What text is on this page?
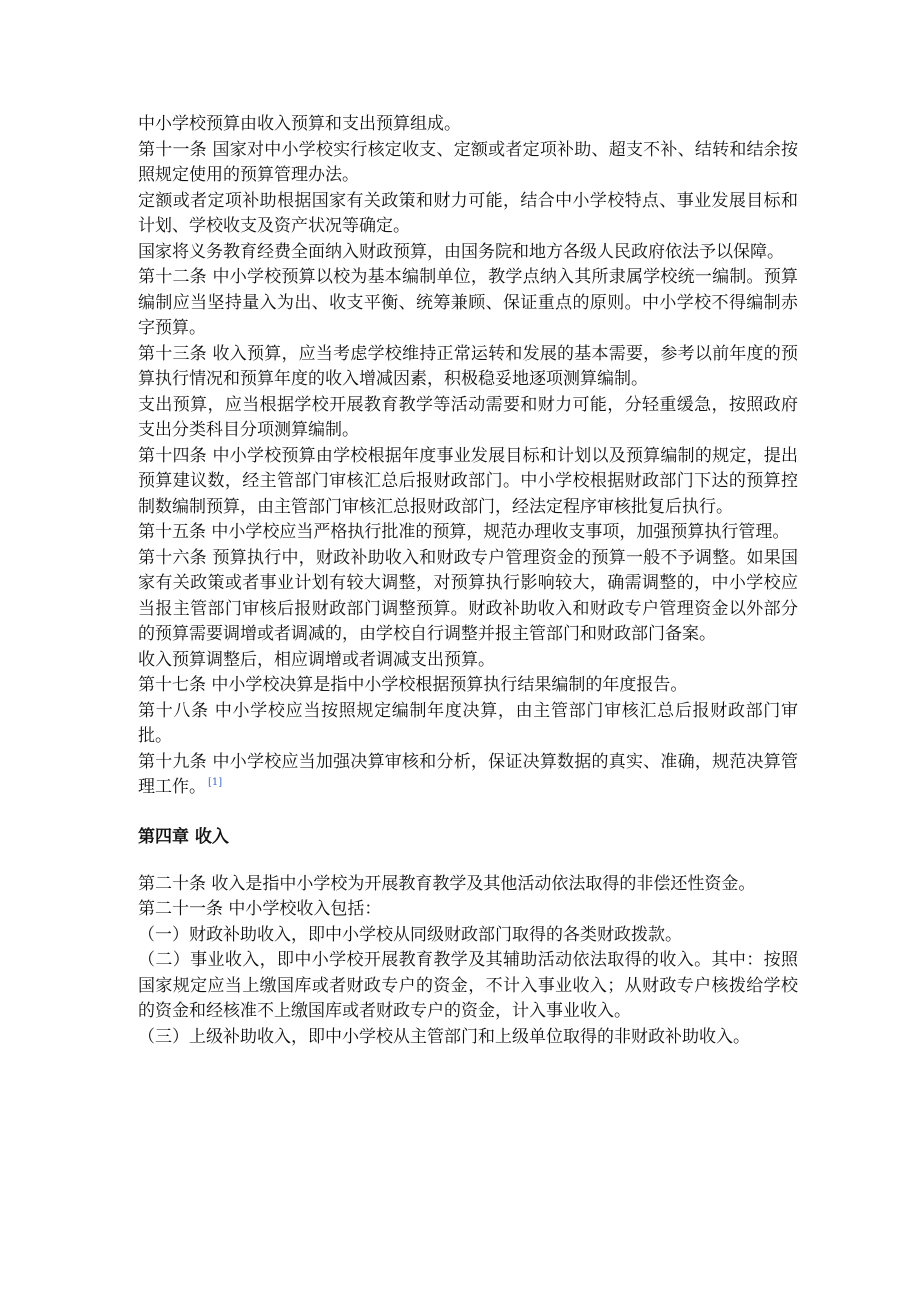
中小学校预算由收入预算和支出预算组成。

第十一条 国家对中小学校实行核定收支、定额或者定项补助、超支不补、结转和结余按照规定使用的预算管理办法。

定额或者定项补助根据国家有关政策和财力可能，结合中小学校特点、事业发展目标和计划、学校收支及资产状况等确定。

国家将义务教育经费全面纳入财政预算，由国务院和地方各级人民政府依法予以保障。

第十二条 中小学校预算以校为基本编制单位，教学点纳入其所隶属学校统一编制。预算编制应当坚持量入为出、收支平衡、统筹兼顾、保证重点的原则。中小学校不得编制赤字预算。

第十三条 收入预算，应当考虑学校维持正常运转和发展的基本需要，参考以前年度的预算执行情况和预算年度的收入增减因素，积极稳妥地逐项测算编制。

支出预算，应当根据学校开展教育教学等活动需要和财力可能，分轻重缓急，按照政府支出分类科目分项测算编制。

第十四条 中小学校预算由学校根据年度事业发展目标和计划以及预算编制的规定，提出预算建议数，经主管部门审核汇总后报财政部门。中小学校根据财政部门下达的预算控制数编制预算，由主管部门审核汇总报财政部门，经法定程序审核批复后执行。

第十五条 中小学校应当严格执行批准的预算，规范办理收支事项，加强预算执行管理。

第十六条 预算执行中，财政补助收入和财政专户管理资金的预算一般不予调整。如果国家有关政策或者事业计划有较大调整，对预算执行影响较大，确需调整的，中小学校应当报主管部门审核后报财政部门调整预算。财政补助收入和财政专户管理资金以外部分的预算需要调增或者调减的，由学校自行调整并报主管部门和财政部门备案。

收入预算调整后，相应调增或者调减支出预算。

第十七条 中小学校决算是指中小学校根据预算执行结果编制的年度报告。

第十八条 中小学校应当按照规定编制年度决算，由主管部门审核汇总后报财政部门审批。

第十九条 中小学校应当加强决算审核和分析，保证决算数据的真实、准确，规范决算管理工作。 [1]

第四章 收入

第二十条 收入是指中小学校为开展教育教学及其他活动依法取得的非偿还性资金。

第二十一条 中小学校收入包括：

（一）财政补助收入，即中小学校从同级财政部门取得的各类财政拨款。

（二）事业收入，即中小学校开展教育教学及其辅助活动依法取得的收入。其中：按照国家规定应当上缴国库或者财政专户的资金，不计入事业收入；从财政专户核拨给学校的资金和经核准不上缴国库或者财政专户的资金，计入事业收入。

（三）上级补助收入，即中小学校从主管部门和上级单位取得的非财政补助收入。
